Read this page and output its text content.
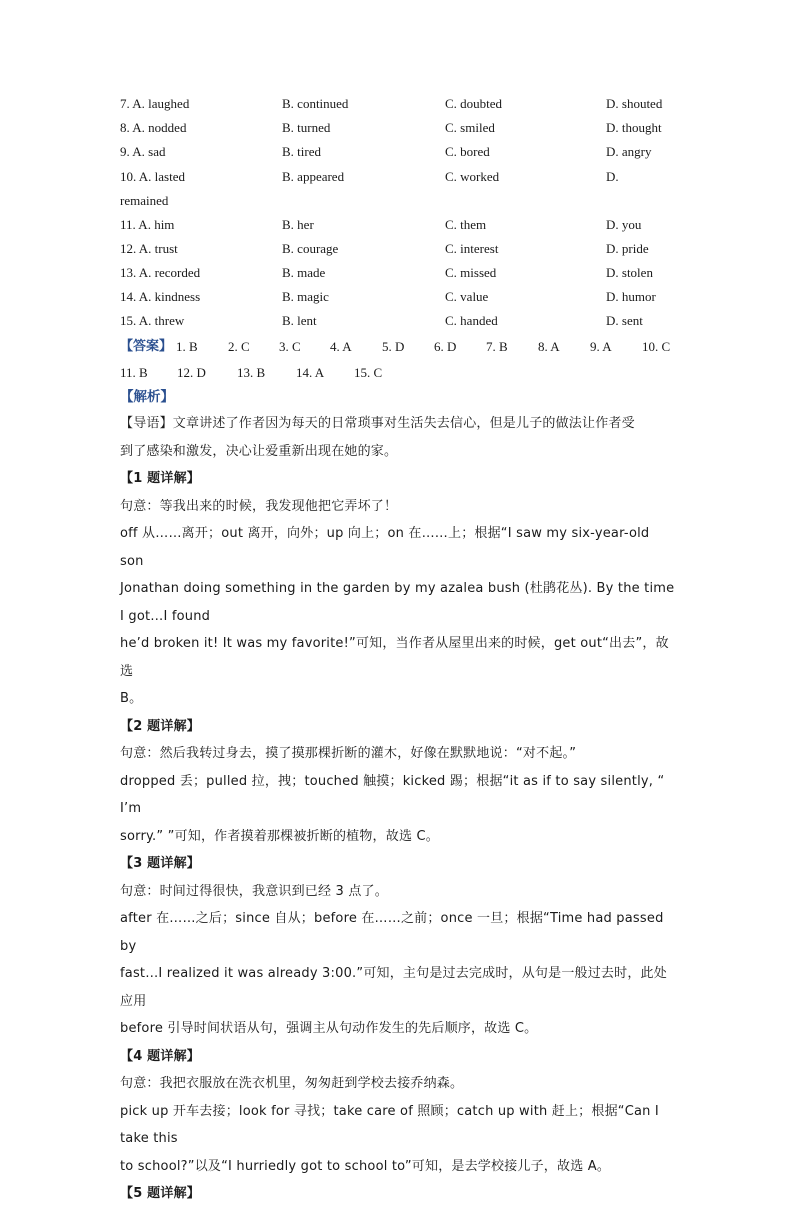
7. A. laughed	B. continued	C. doubted	D. shouted
8. A. nodded	B. turned	C. smiled	D. thought
9. A. sad	B. tired	C. bored	D. angry
10. A. lasted	B. appeared	C. worked	D.
remained
11. A. him	B. her	C. them	D. you
12. A. trust	B. courage	C. interest	D. pride
13. A. recorded	B. made	C. missed	D. stolen
14. A. kindness	B. magic	C. value	D. humor
15. A. threw	B. lent	C. handed	D. sent
【答案】 1. B 2. C 3. C 4. A 5. D 6. D 7. B 8. A 9. A 10. C
11. B 12. D 13. B 14. A 15. C
【解析】

【导语】文章讲述了作者因为每天的日常琐事对生活失去信心，但是儿子的做法让作者受

到了感染和激发，决心让爱重新出现在她的家。

【1 题详解】

句意：等我出来的时候，我发现他把它弄坏了！

off 从……离开；out 离开，向外；up 向上；on 在……上；根据“I saw my six-year-old son

Jonathan doing something in the garden by my azalea bush (杜鹃花丛). By the time I got…I found

he’d broken it! It was my favorite!”可知，当作者从屋里出来的时候，get out“出去”，故选

B。

【2 题详解】

句意：然后我转过身去，摸了摸那棵折断的灌木，好像在默默地说：“对不起。”

dropped 丢；pulled 拉，拽；touched 触摸；kicked 踢；根据“it as if to say silently, “ I’m

sorry.” ”可知，作者摸着那棵被折断的植物，故选 C。

【3 题详解】

句意：时间过得很快，我意识到已经 3 点了。

after 在……之后；since 自从；before 在……之前；once 一旦；根据“Time had passed by

fast…I realized it was already 3:00.”可知，主句是过去完成时，从句是一般过去时，此处应用

before 引导时间状语从句，强调主从句动作发生的先后顺序，故选 C。

【4 题详解】

句意：我把衣服放在洗衣机里，匆匆赶到学校去接乔纳森。

pick up 开车去接；look for 寻找；take care of 照顾；catch up with 赶上；根据“Can I take this

to school?”以及“I hurriedly got to school to”可知，是去学校接儿子，故选 A。

【5 题详解】
